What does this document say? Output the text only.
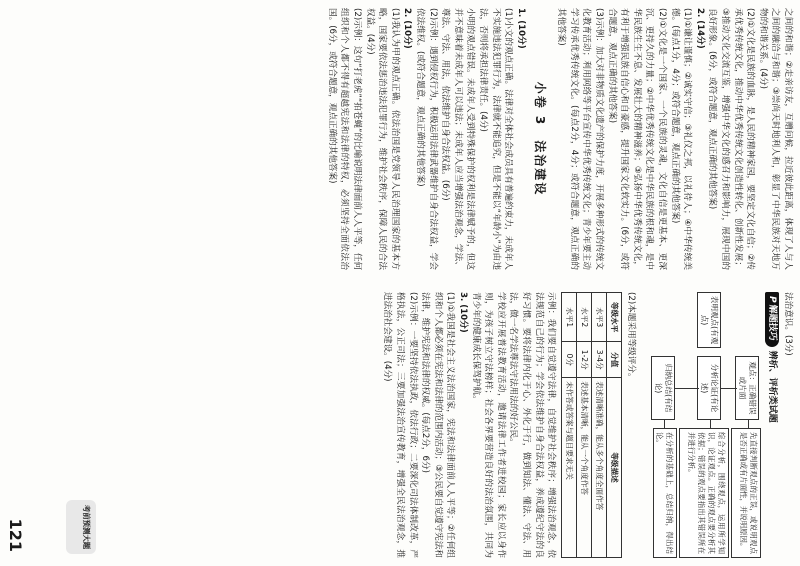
之间的和谐；②走亲访友，互赠问候，拉近彼此距离，体现了人与人之间的融洽与和谐；③崇尚天时地利人和，彰显了中华民族对天地万物的和谐关系。(4分)

(2)①文化是民族的血脉，是人民的精神家园，要坚定文化自信；②传承优秀传统文化，推动中华优秀传统文化创造性转化、创新性发展；③推动文化交流互鉴，增强中华文化的感召力和影响力，展现中国的良好形象。(6分，或符合题意，观点正确的其他答案)

2. (14分)

(1)①谦让谨慎；②诚实守信；③礼仪之邦，以礼待人；④中华传统美德。(每点1分，4分；或符合题意，观点正确的其他答案)

(2)①文化是一个国家、一个民族的灵魂，文化自信是更基本、更深沉、更持久的力量；②中华优秀传统文化是中华民族的根和魂，是中华民族生生不息、发展壮大的精神滋养；③弘扬中华优秀传统文化，有利于增强民族自信心和自豪感，提升国家文化软实力。(6分，或符合题意，观点正确的其他答案)

(3)示例：加大对非物质文化遗产的保护力度，开展多种形式的传统文化教育活动；利用网络等平台宣传中华优秀传统文化；青少年要主动学习传承优秀传统文化。(每点2分，4分；或符合题意，观点正确的其他答案)

小卷 3　法治建设

1. (10分)

(1)小文的观点正确。法律对全体社会成员具有普遍约束力，未成年人不实施违法犯罪行为，法律就不能追究，但是不能以“年龄小”为由违法，否则将承担法律责任。(4分)

小明的观点错误。未成年人受到特殊保护的权利是法律赋予的，但这并不意味着未成年人可以违法；未成年人应当增强法治观念，学法、尊法、守法、用法，依法维护自身合法权益。(6分)

(2)示例：遇到侵权行为，积极运用法律武器维护自身合法权益，学会依法维权。(或符合题意，观点正确的其他答案)

2. (10分)

(1)我认为甲的观点正确。依法治国是党领导人民治理国家的基本方略，国家要依法惩治违法犯罪行为，维护社会秩序，保障人民的合法权益。(4分)

(2)示例：这句“打老虎”“拍苍蝇”的比喻说明法律面前人人平等，任何组织和个人都不得有超越宪法和法律的特权，必须坚持全面依法治国。(6分，或符合题意，观点正确的其他答案)

法治意识。(3分)

P解题技巧
辨析、评析类试题
观点：正确错误或片面
表明观点(有观点)
分析论证(有论述)
归纳总结(有结论)
先直接判断观点的正误，或说明观点是否正确或有片面性，并说明原因。
综合分析，围绕观点，运用所学知识，论证观点。正确的观点要分析其依据；错误的观点要指出其错误所在并进行分析。
在分析的基础上，总结归纳，得出结论。

(2)本题采用等级评分。

等级水平	分值	等级描述
水平3	3-4分	表述清晰准确，能从多个角度全面作答
水平2	1-2分	表述基本清晰，能从一个角度作答
水平1	0分	未作答或答案与题目要求无关

示例：我们要自觉遵守法律，自觉维护社会秩序；增强法治观念，依法规范自己的行为；学会依法维护自身合法权益，养成遵纪守法的良好习惯。要将法律内化于心、外化于行，做到知法、懂法、守法、用法，做一名学法尊法守法用法的好公民。

学校应开展普法教育活动，邀请法律工作者进校园；家长应以身作则，为孩子树立守法榜样；社会各界要营造良好的法治氛围，共同为青少年的健康成长保驾护航。

3. (10分)

(1)①我国是社会主义法治国家，宪法和法律面前人人平等；②任何组织和个人都必须在宪法和法律的范围内活动；③公民要自觉遵守宪法和法律，维护宪法和法律的权威。(每点2分，6分)

(2)示例：一要坚持依法执政，依法行政；二要深化司法体制改革，严格执法，公正司法；三要加强法治宣传教育，增强全民法治观念，推进法治社会建设。(4分)

考前预测大题
121
